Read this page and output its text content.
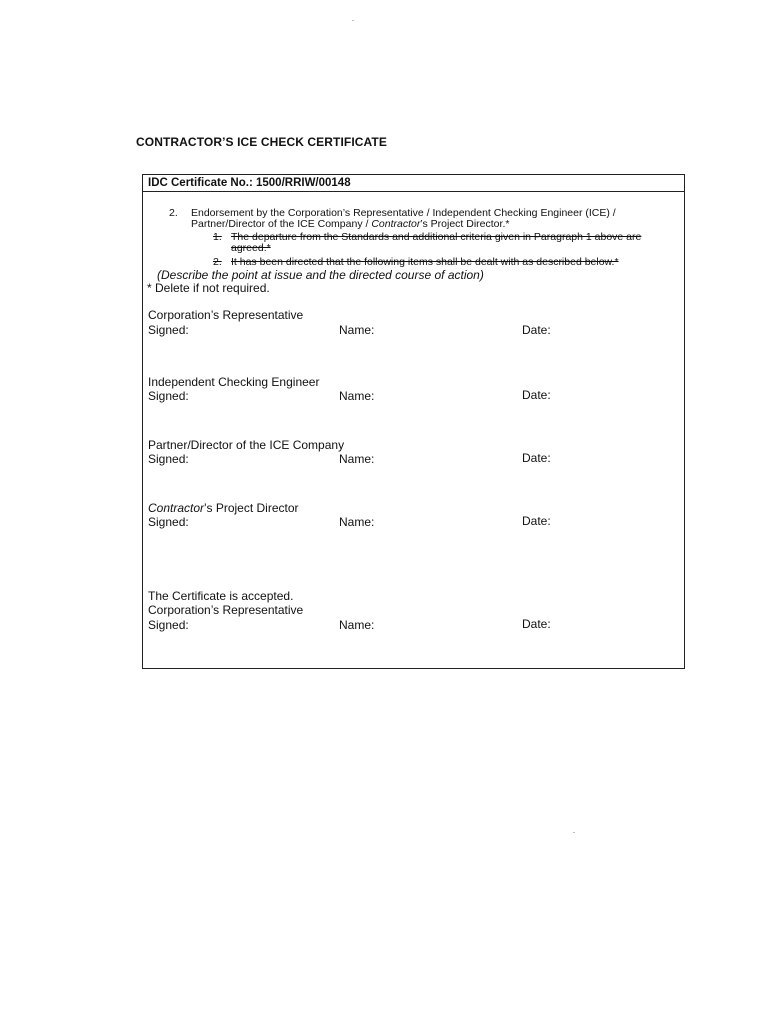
CONTRACTOR’S ICE CHECK CERTIFICATE
IDC Certificate No.: 1500/RRIW/00148
2. Endorsement by the Corporation’s Representative / Independent Checking Engineer (ICE) /
Partner/Director of the ICE Company / Contractor’s Project Director.*
1. The departure from the Standards and additional criteria given in Paragraph 1 above are
agreed.*
2. It has been directed that the following items shall be dealt with as described below.*
(Describe the point at issue and the directed course of action)
* Delete if not required.
Corporation’s Representative
Signed:	Name:	Date:
Independent Checking Engineer
Signed:	Name:	Date:
Partner/Director of the ICE Company
Signed:	Name:	Date:
Contractor’s Project Director
Signed:	Name:	Date:
The Certificate is accepted.
Corporation’s Representative
Signed:	Name:	Date:
